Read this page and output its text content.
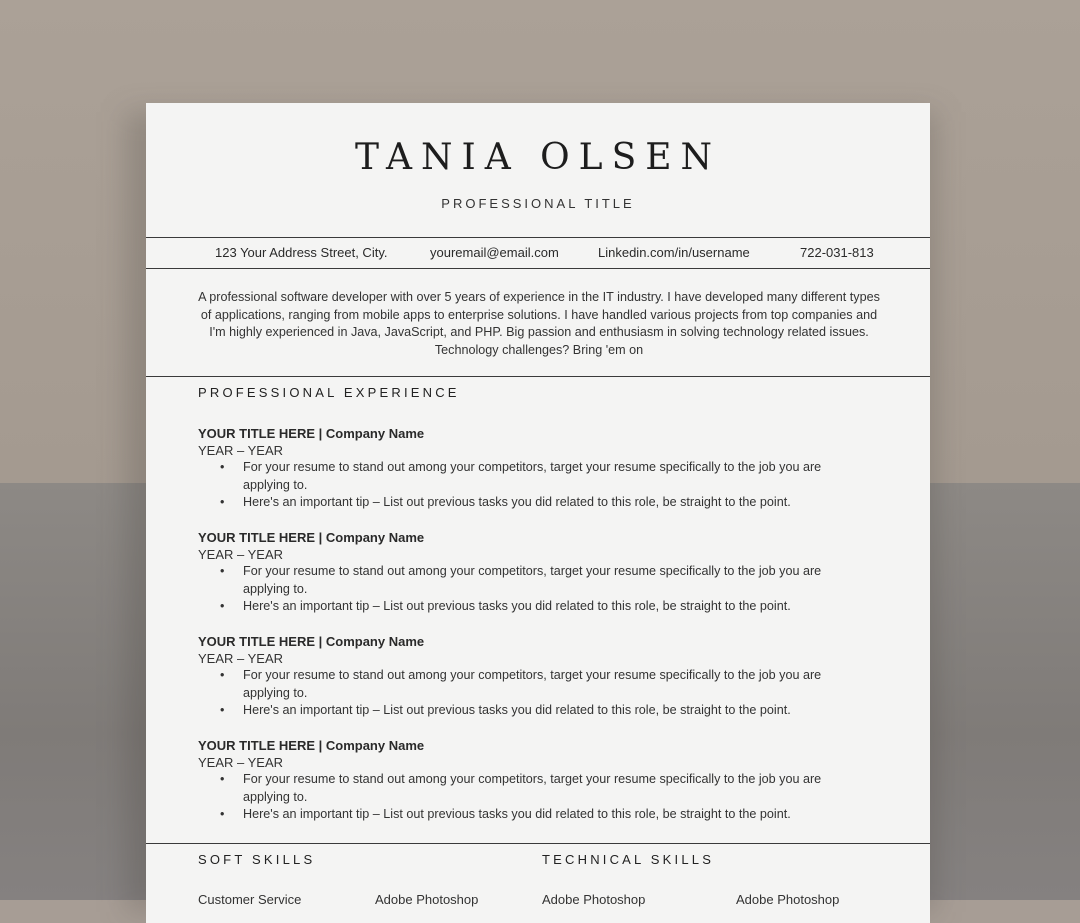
TANIA OLSEN
PROFESSIONAL TITLE
123 Your Address Street, City.	youremail@email.com	Linkedin.com/in/username	722-031-813
A professional software developer with over 5 years of experience in the IT industry. I have developed many different types of applications, ranging from mobile apps to enterprise solutions. I have handled various projects from top companies and I'm highly experienced in Java, JavaScript, and PHP. Big passion and enthusiasm in solving technology related issues. Technology challenges? Bring 'em on
PROFESSIONAL EXPERIENCE
YOUR TITLE HERE | Company Name
YEAR – YEAR
• For your resume to stand out among your competitors, target your resume specifically to the job you are applying to.
• Here's an important tip – List out previous tasks you did related to this role, be straight to the point.
YOUR TITLE HERE | Company Name
YEAR – YEAR
• For your resume to stand out among your competitors, target your resume specifically to the job you are applying to.
• Here's an important tip – List out previous tasks you did related to this role, be straight to the point.
YOUR TITLE HERE | Company Name
YEAR – YEAR
• For your resume to stand out among your competitors, target your resume specifically to the job you are applying to.
• Here's an important tip – List out previous tasks you did related to this role, be straight to the point.
YOUR TITLE HERE | Company Name
YEAR – YEAR
• For your resume to stand out among your competitors, target your resume specifically to the job you are applying to.
• Here's an important tip – List out previous tasks you did related to this role, be straight to the point.
SOFT SKILLS	TECHNICAL SKILLS
Customer Service	Adobe Photoshop	Adobe Photoshop	Adobe Photoshop
